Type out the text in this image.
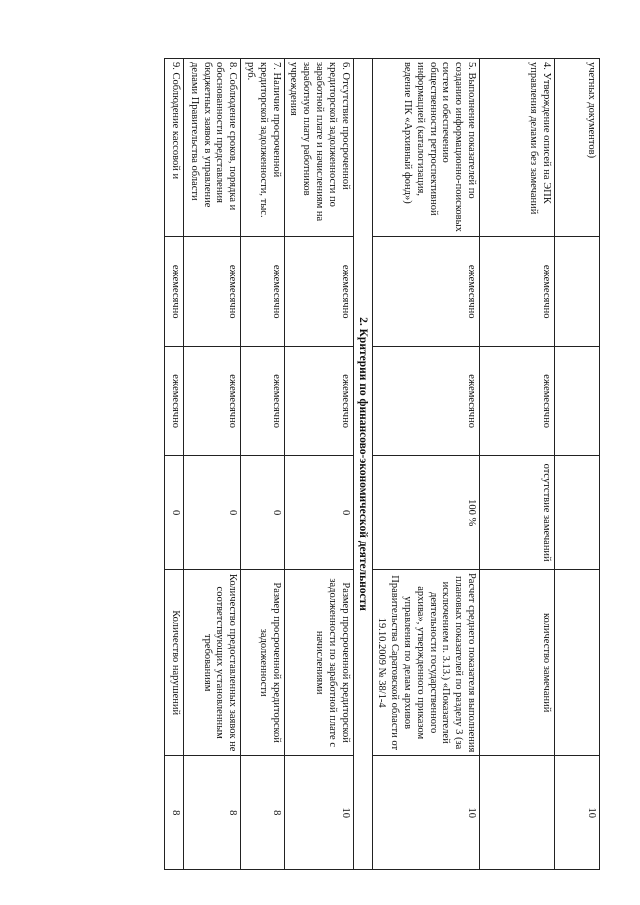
учетных документов)					10
4. Утверждение описей на ЭПК управления делами без замечаний	ежемесячно	ежемесячно	отсутствие замечаний	количество замечаний	
5. Выполнение показателей по созданию информационно-поисковых систем и обеспечению общественности ретроспективной информацией (каталогизация, ведение ПК «Архивный фонд»)	ежемесячно	ежемесячно	100 %	Расчет среднего показателя выполнения плановых показателей по разделу 3 (за исключением п. 3.13.) «Показателей деятельности государственного архива», утвержденного приказом управления по делам архивов Правительства Саратовской области от 19.10.2009 № 38/1-4	10
2. Критерии по финансово-экономической деятельности					
6. Отсутствие просроченной кредиторской задолженности по заработной плате и начислениям на заработную плату работников учреждения	ежемесячно	ежемесячно	0	Размер просроченной кредиторской задолженности по заработной плате с начислениями	10
7. Наличие просроченной кредиторской задолженности, тыс. руб.	ежемесячно	ежемесячно	0	Размер просроченной кредиторской задолженности	8
8. Соблюдение сроков, порядка и обоснованности представления бюджетных заявок в управление делами Правительства области	ежемесячно	ежемесячно	0	Количество предоставленных заявок не соответствующих установленным требованиям	8
9. Соблюдение кассовой и	ежемесячно	ежемесячно	0	Количество нарушений	8
